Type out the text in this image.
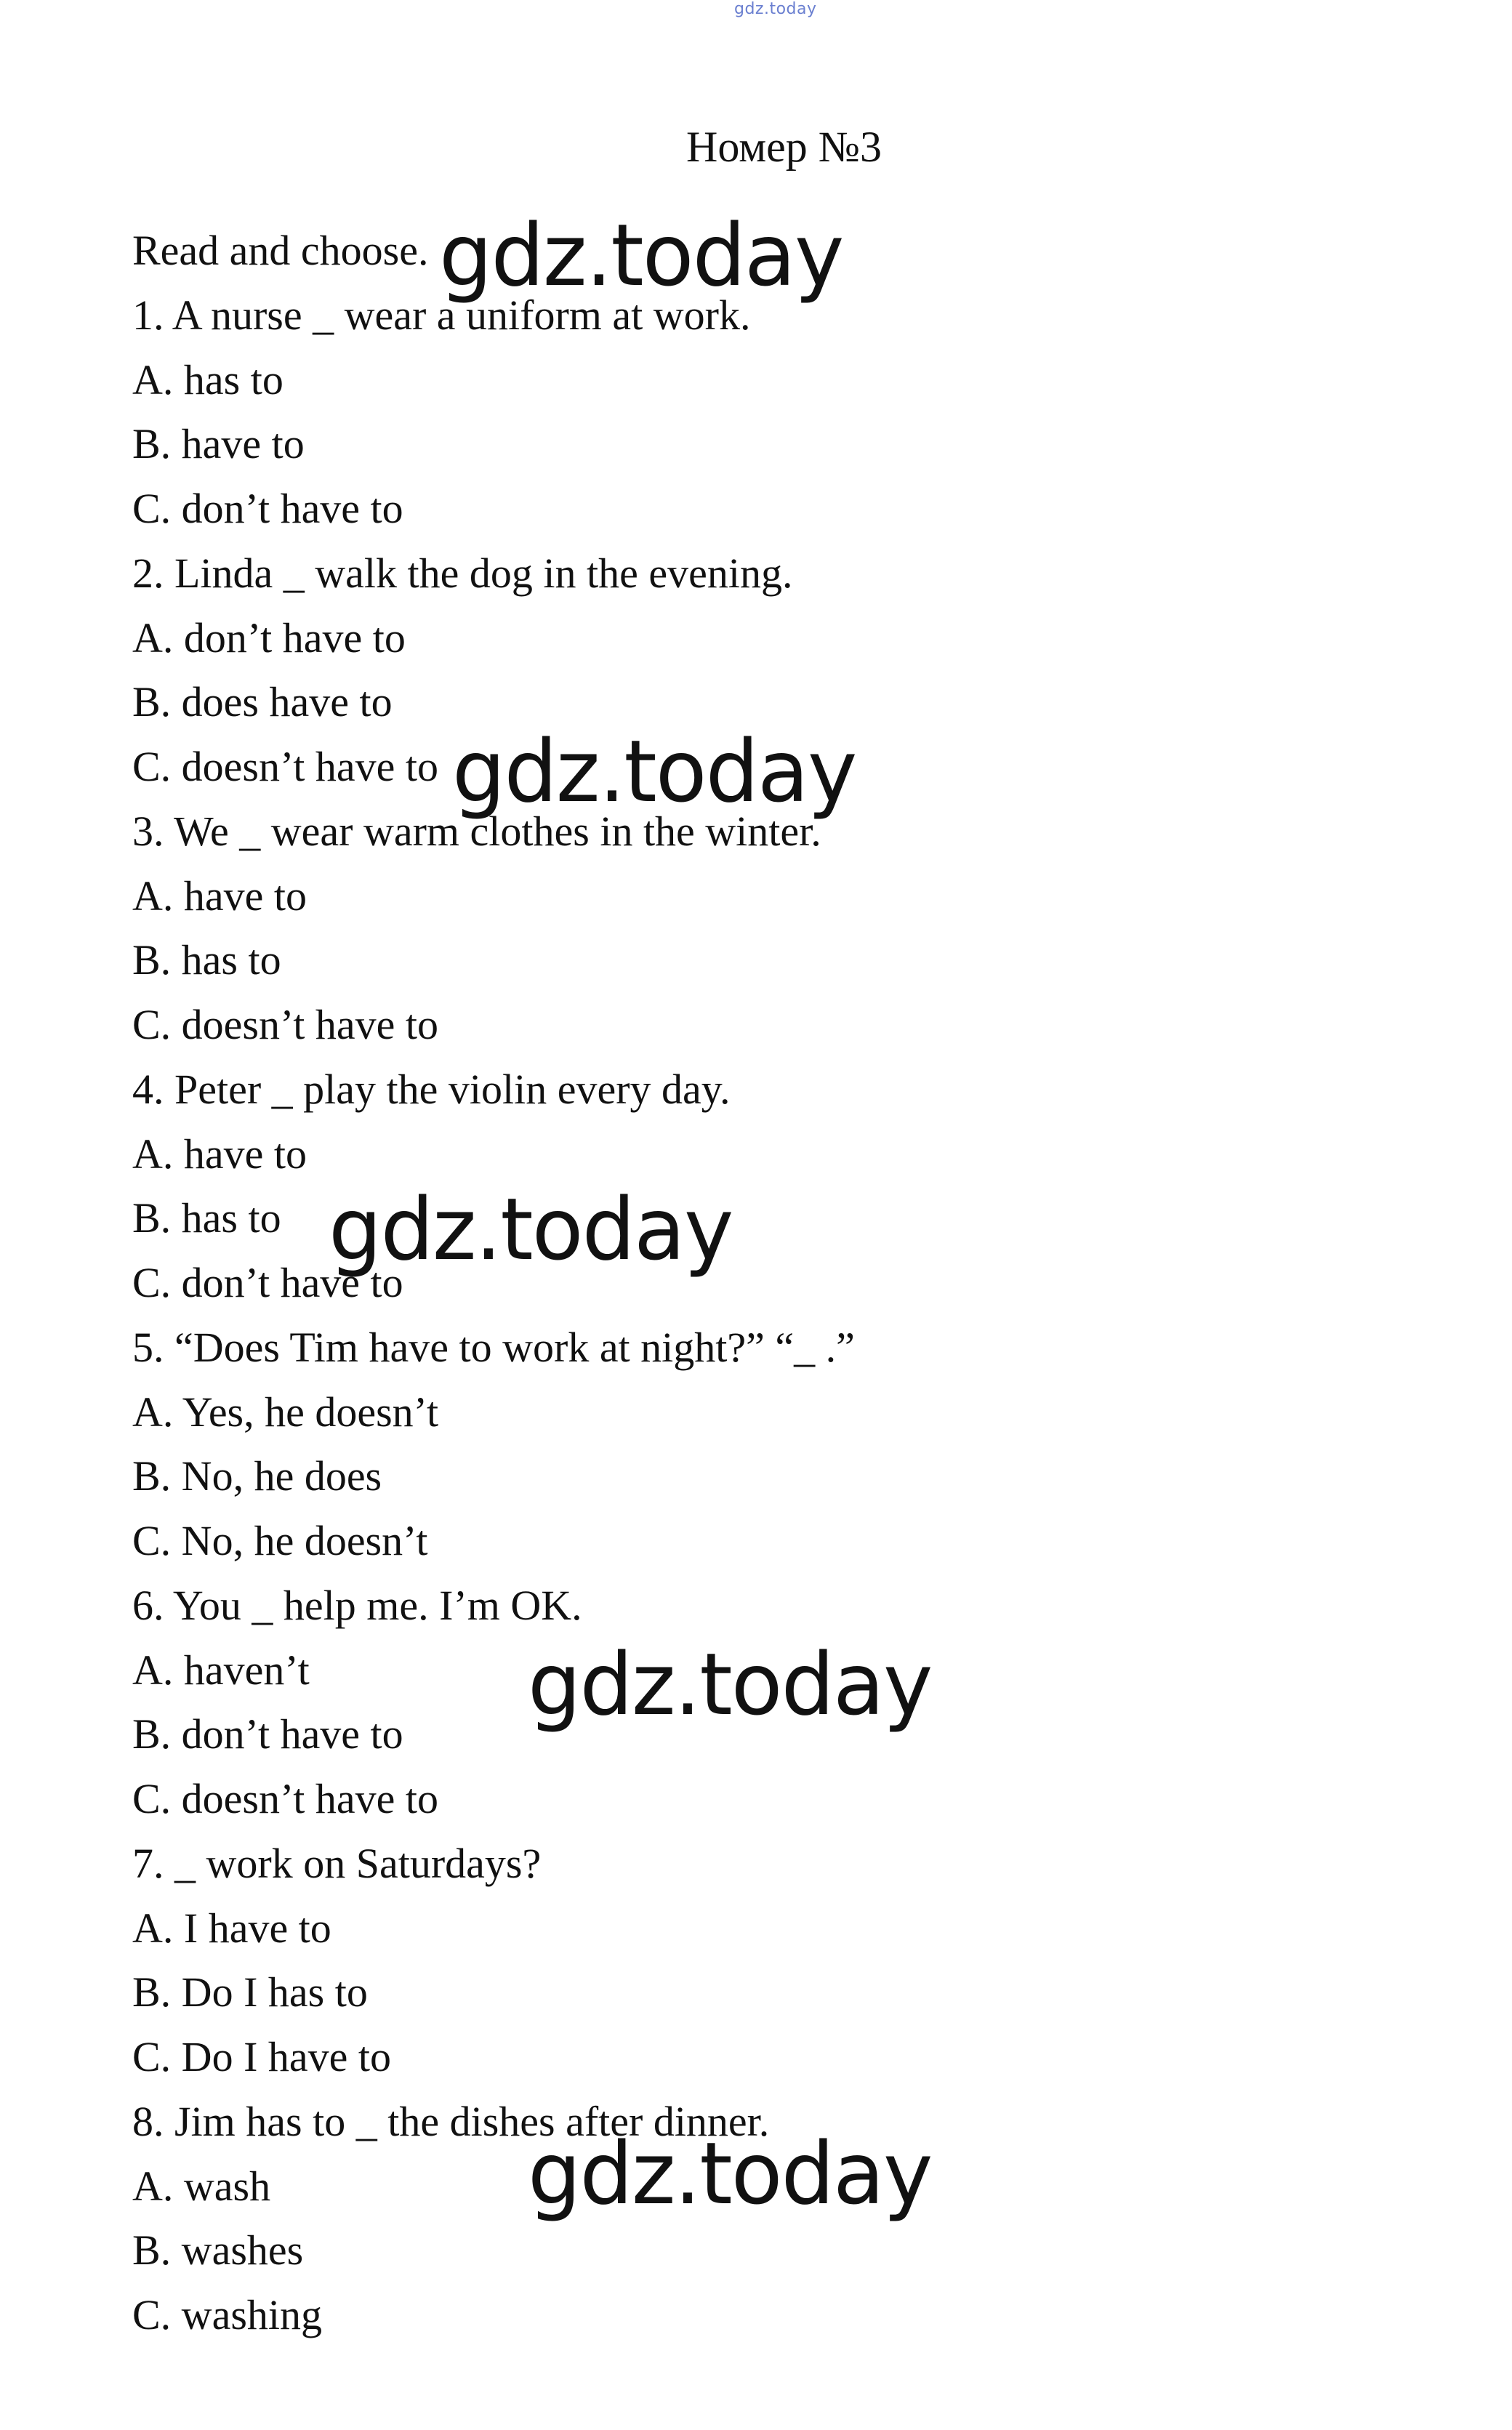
gdz.today
Номер №3
Read and choose.
1. A nurse _ wear a uniform at work.
A. has to
B. have to
C. don’t have to
2. Linda _ walk the dog in the evening.
A. don’t have to
B. does have to
C. doesn’t have to
3. We _ wear warm clothes in the winter.
A. have to
B. has to
C. doesn’t have to
4. Peter _ play the violin every day.
A. have to
B. has to
C. don’t have to
5. “Does Tim have to work at night?” “_ .”
A. Yes, he doesn’t
B. No, he does
C. No, he doesn’t
6. You _ help me. I’m OK.
A. haven’t
B. don’t have to
C. doesn’t have to
7. _ work on Saturdays?
A. I have to
B. Do I has to
C. Do I have to
8. Jim has to _ the dishes after dinner.
A. wash
B. washes
C. washing
gdz.today
gdz.today
gdz.today
gdz.today
gdz.today
